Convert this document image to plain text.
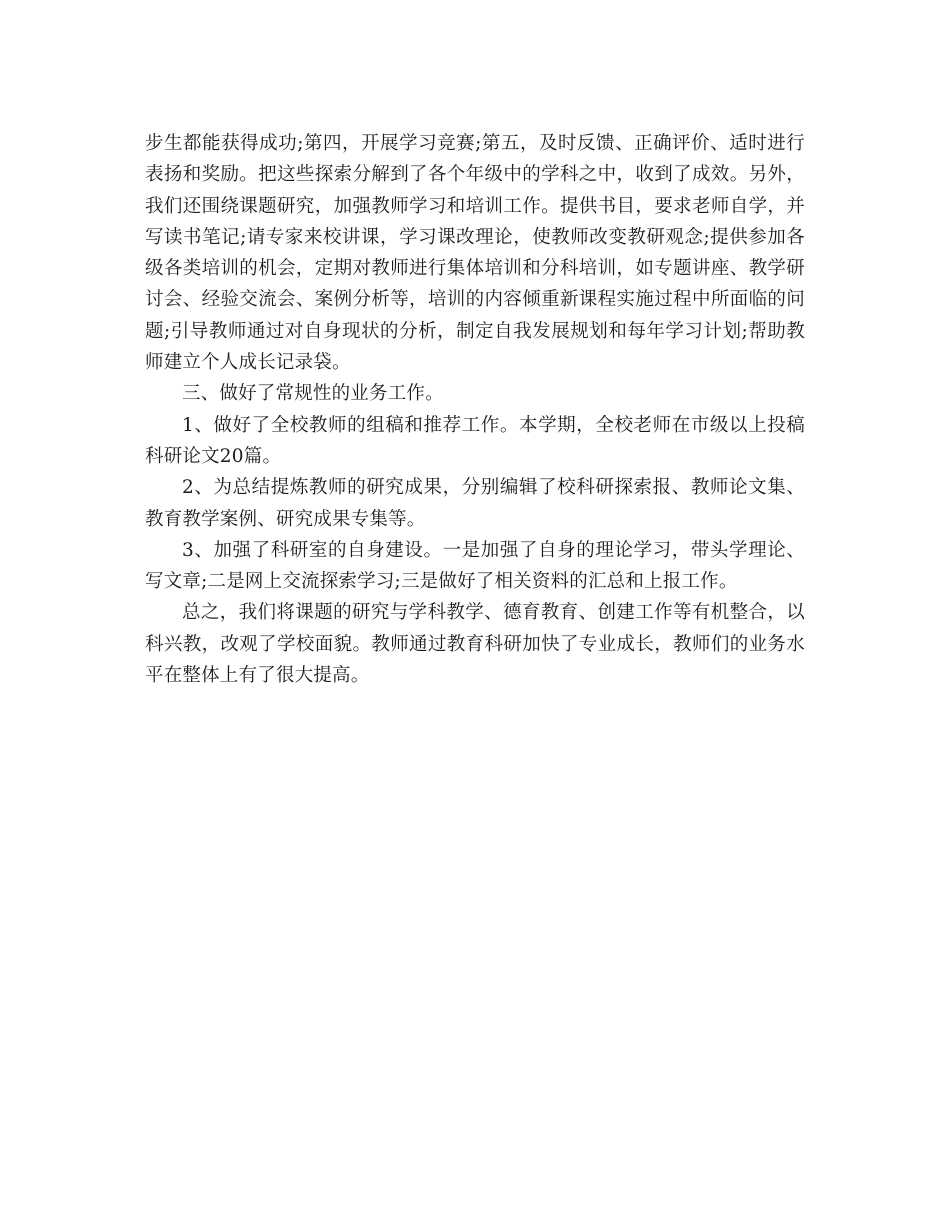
步生都能获得成功;第四，开展学习竞赛;第五，及时反馈、正确评价、适时进行表扬和奖励。把这些探索分解到了各个年级中的学科之中，收到了成效。另外，我们还围绕课题研究，加强教师学习和培训工作。提供书目，要求老师自学，并写读书笔记;请专家来校讲课，学习课改理论，使教师改变教研观念;提供参加各级各类培训的机会，定期对教师进行集体培训和分科培训，如专题讲座、教学研讨会、经验交流会、案例分析等，培训的内容倾重新课程实施过程中所面临的问题;引导教师通过对自身现状的分析，制定自我发展规划和每年学习计划;帮助教师建立个人成长记录袋。

三、做好了常规性的业务工作。

1、做好了全校教师的组稿和推荐工作。本学期，全校老师在市级以上投稿科研论文20篇。

2、为总结提炼教师的研究成果，分别编辑了校科研探索报、教师论文集、教育教学案例、研究成果专集等。

3、加强了科研室的自身建设。一是加强了自身的理论学习，带头学理论、写文章;二是网上交流探索学习;三是做好了相关资料的汇总和上报工作。

总之，我们将课题的研究与学科教学、德育教育、创建工作等有机整合，以科兴教，改观了学校面貌。教师通过教育科研加快了专业成长，教师们的业务水平在整体上有了很大提高。
